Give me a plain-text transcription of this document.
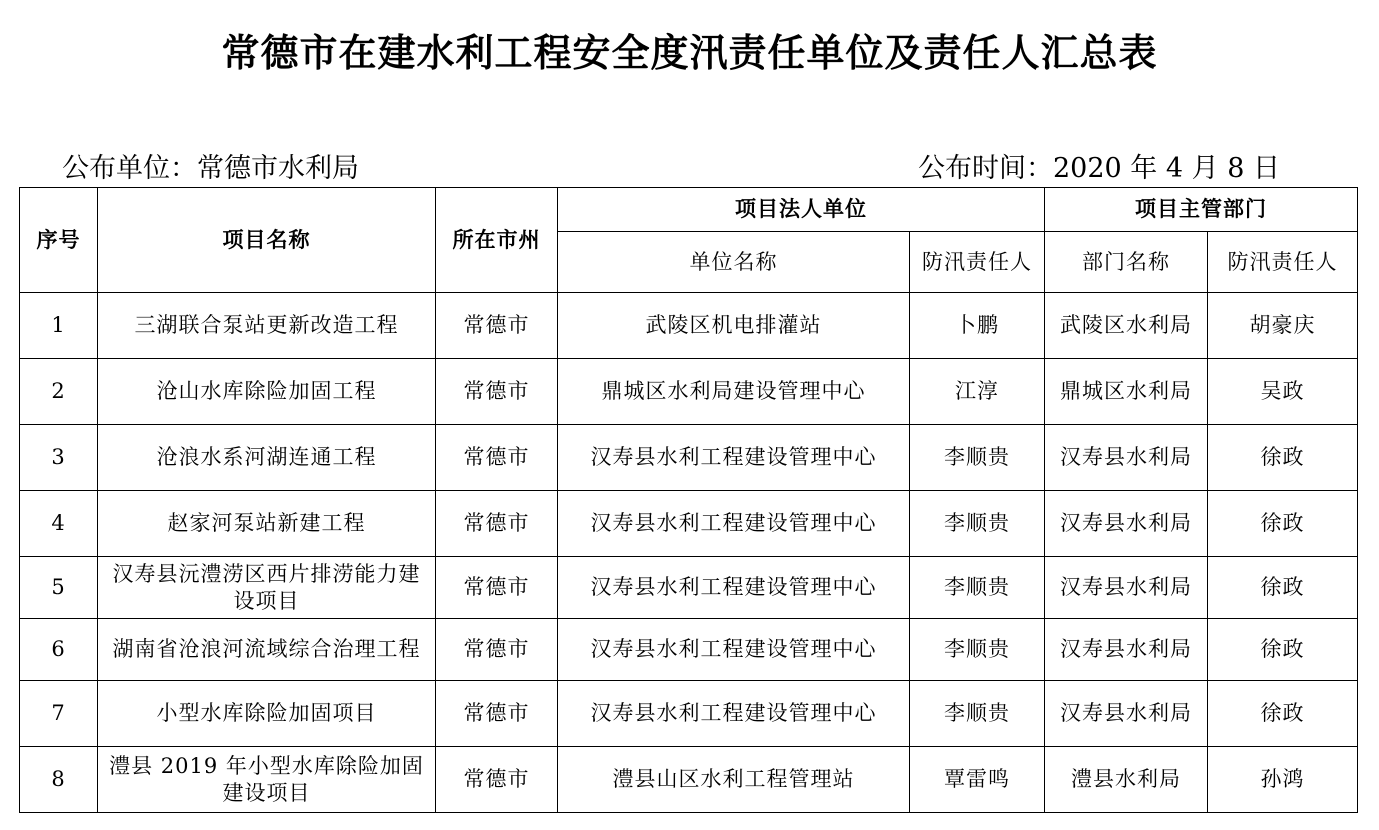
常德市在建水利工程安全度汛责任单位及责任人汇总表
公布单位：常德市水利局	公布时间：2020 年 4 月 8 日
序号	项目名称	所在市州	项目法人单位		项目主管部门	
			单位名称	防汛责任人	部门名称	防汛责任人
1	三湖联合泵站更新改造工程	常德市	武陵区机电排灌站	卜鹏	武陵区水利局	胡豪庆
2	沧山水库除险加固工程	常德市	鼎城区水利局建设管理中心	江淳	鼎城区水利局	吴政
3	沧浪水系河湖连通工程	常德市	汉寿县水利工程建设管理中心	李顺贵	汉寿县水利局	徐政
4	赵家河泵站新建工程	常德市	汉寿县水利工程建设管理中心	李顺贵	汉寿县水利局	徐政
5	汉寿县沅澧涝区西片排涝能力建设项目	常德市	汉寿县水利工程建设管理中心	李顺贵	汉寿县水利局	徐政
6	湖南省沧浪河流域综合治理工程	常德市	汉寿县水利工程建设管理中心	李顺贵	汉寿县水利局	徐政
7	小型水库除险加固项目	常德市	汉寿县水利工程建设管理中心	李顺贵	汉寿县水利局	徐政
8	澧县 2019 年小型水库除险加固建设项目	常德市	澧县山区水利工程管理站	覃雷鸣	澧县水利局	孙鸿
